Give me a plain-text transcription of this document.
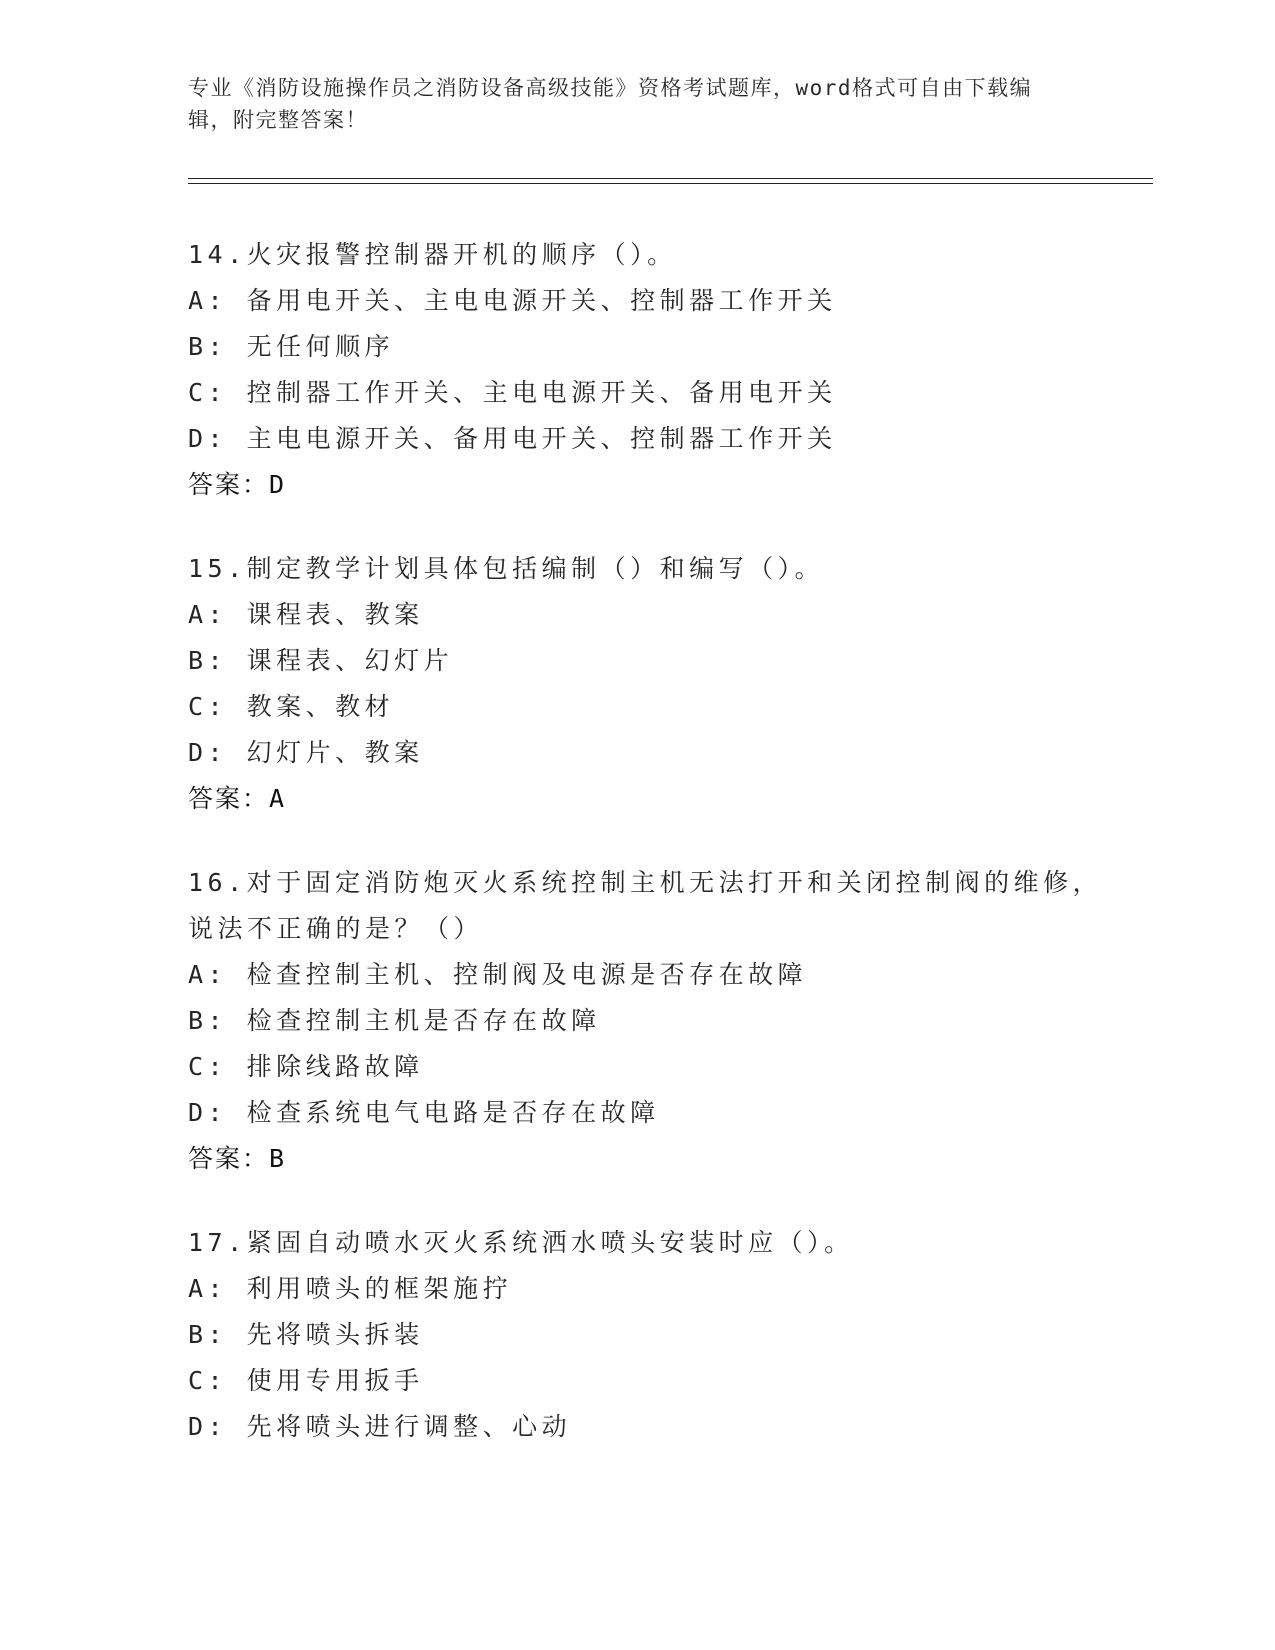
专业《消防设施操作员之消防设备高级技能》资格考试题库，word格式可自由下载编辑，附完整答案！
14.火灾报警控制器开机的顺序（）。
A: 备用电开关、主电电源开关、控制器工作开关
B: 无任何顺序
C: 控制器工作开关、主电电源开关、备用电开关
D: 主电电源开关、备用电开关、控制器工作开关
答案：D
15.制定教学计划具体包括编制（）和编写（）。
A: 课程表、教案
B: 课程表、幻灯片
C: 教案、教材
D: 幻灯片、教案
答案：A
16.对于固定消防炮灭火系统控制主机无法打开和关闭控制阀的维修，说法不正确的是？（）
A: 检查控制主机、控制阀及电源是否存在故障
B: 检查控制主机是否存在故障
C: 排除线路故障
D: 检查系统电气电路是否存在故障
答案：B
17.紧固自动喷水灭火系统洒水喷头安装时应（）。
A: 利用喷头的框架施拧
B: 先将喷头拆装
C: 使用专用扳手
D: 先将喷头进行调整、心动
